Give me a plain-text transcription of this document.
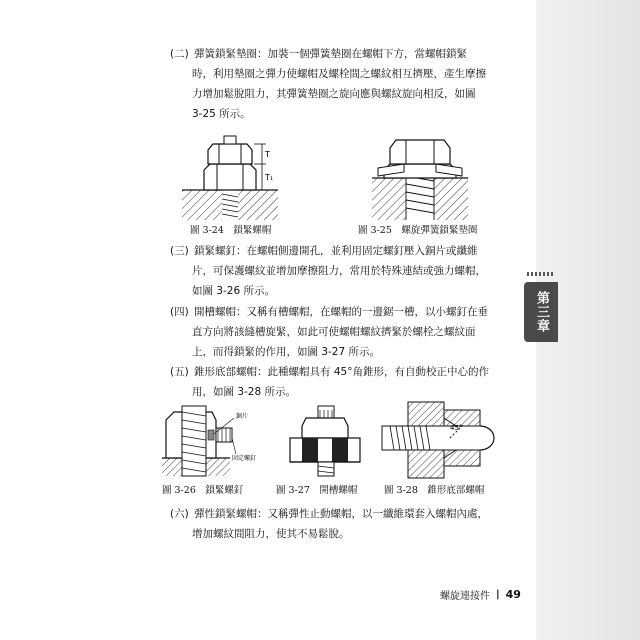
第三章
(二) 彈簧鎖緊墊圈：加裝一個彈簧墊圈在螺帽下方，當螺帽鎖緊
時，利用墊圈之彈力使螺帽及螺栓間之螺紋相互擠壓，產生摩擦
力增加鬆脫阻力，其彈簧墊圈之旋向應與螺紋旋向相反，如圖
3-25 所示。
T
T₁
圖 3-24　鎖緊螺帽	圖 3-25　螺旋彈簧鎖緊墊圈
(三) 鎖緊螺釘：在螺帽側邊開孔，並利用固定螺釘壓入銅片或纖維
片，可保護螺紋並增加摩擦阻力，常用於特殊連結或強力螺帽，
如圖 3-26 所示。
(四) 開槽螺帽：又稱有槽螺帽，在螺帽的一邊鋸一槽，以小螺釘在垂
直方向將該縫槽旋緊，如此可使螺帽螺紋擠緊於螺栓之螺紋面
上，而得鎖緊的作用，如圖 3-27 所示。
(五) 錐形底部螺帽：此種螺帽具有 45°角錐形，有自動校正中心的作
用，如圖 3-28 所示。
銅片
固定螺釘
45°
圖 3-26　鎖緊螺釘	圖 3-27　開槽螺帽	圖 3-28　錐形底部螺帽
(六) 彈性鎖緊螺帽：又稱彈性止動螺帽，以一纖維環套入螺帽內處，
增加螺紋間阻力，使其不易鬆脫。
螺旋連接件 | 49
